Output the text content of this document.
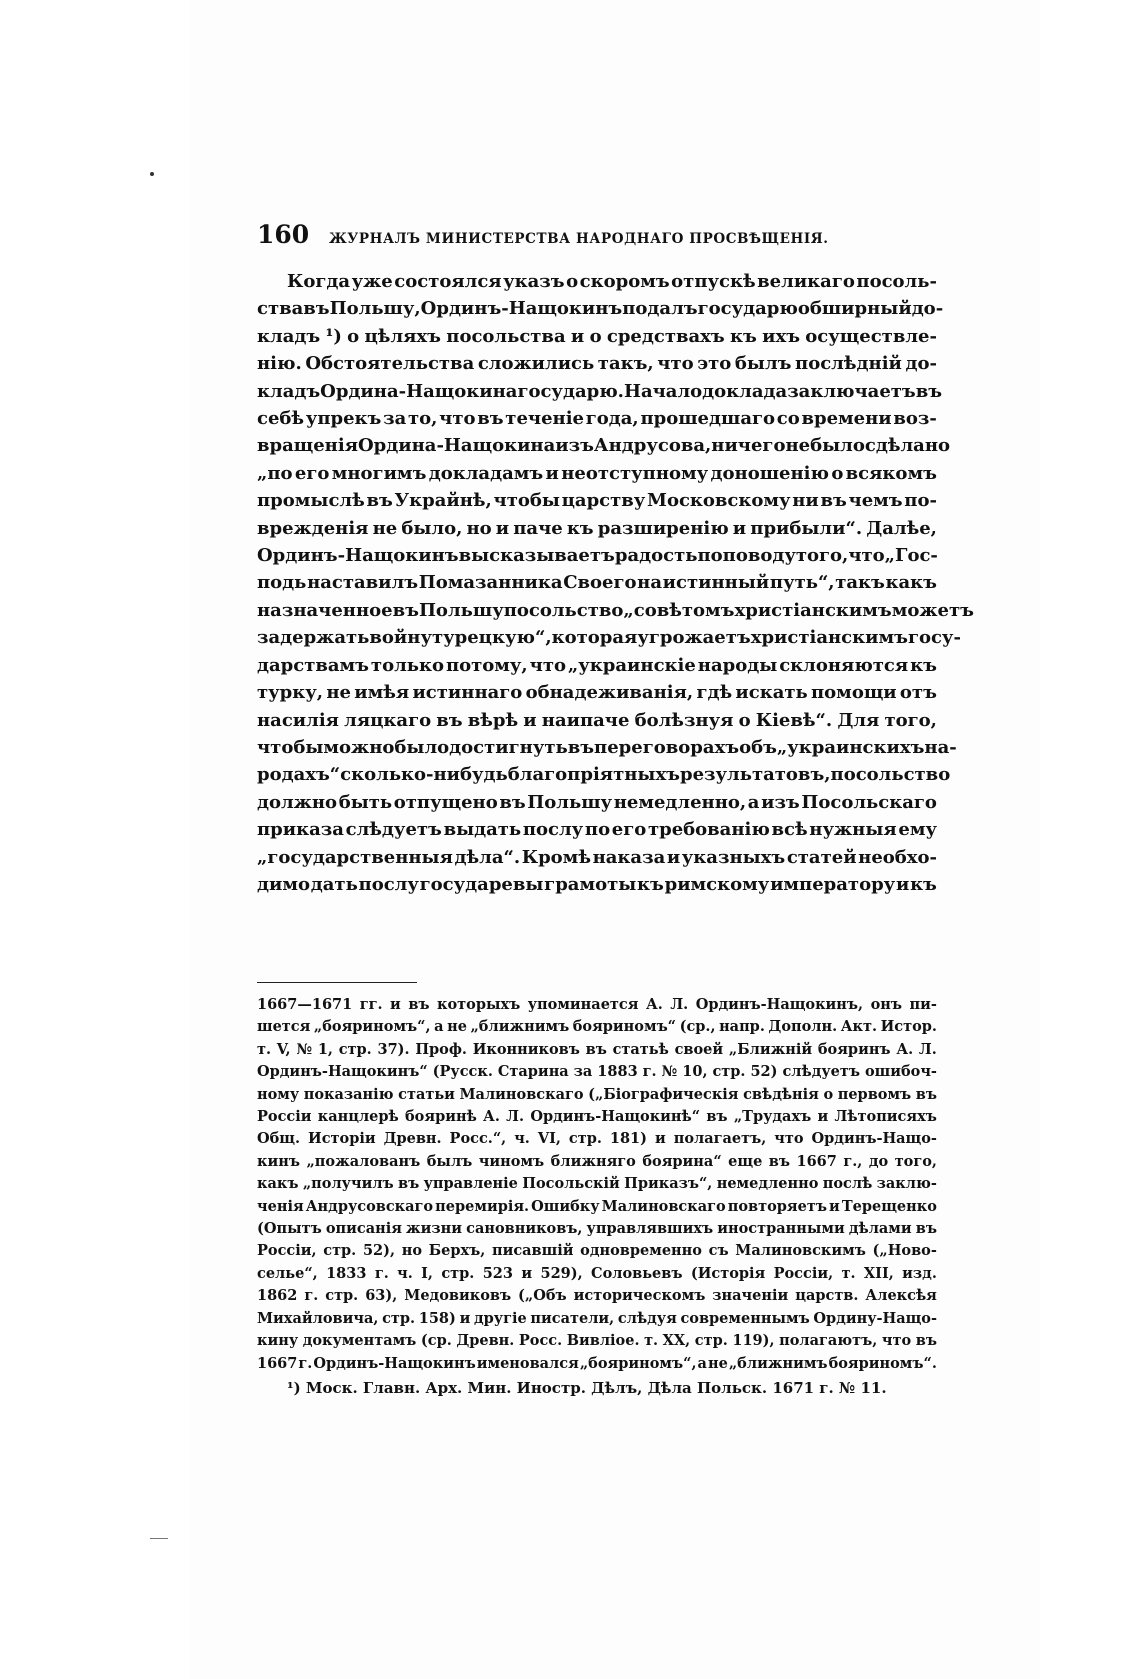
160	ЖУРНАЛЪ МИНИСТЕРСТВА НАРОДНАГО ПРОСВѢЩЕНІЯ.
Когда уже состоялся указъ о скоромъ отпускѣ великаго посоль-
ства въ Польшу, Ординъ-Нащокинъ подалъ государю обширный до-
кладъ ¹) о цѣляхъ посольства и о средствахъ къ ихъ осуществле-
нію. Обстоятельства сложились такъ, что это былъ послѣдній до-
кладъ Ордина-Нащокина государю. Начало доклада заключаетъ въ
себѣ упрекъ за то, что въ теченіе года, прошедшаго со времени воз-
вращенія Ордина-Нащокина изъ Андрусова, ничего не было сдѣлано
„по его многимъ докладамъ и неотступному доношенію о всякомъ
промыслѣ въ Украйнѣ, чтобы царству Московскому ни въ чемъ по-
врежденія не было, но и паче къ разширенію и прибыли“. Далѣе,
Ординъ-Нащокинъ высказываетъ радость по поводу того, что „Гос-
подь наставилъ Помазанника Своего на истинный путь“, такъ какъ
назначенное въ Польшу посольство „совѣтомъ христіанскимъ можетъ
задержать войну турецкую“, которая угрожаетъ христіанскимъ госу-
дарствамъ только потому, что „украинскіе народы склоняются къ
турку, не имѣя истиннаго обнадеживанія, гдѣ искать помощи отъ
насилія ляцкаго въ вѣрѣ и наипаче болѣзнуя о Кіевѣ“. Для того,
чтобы можно было достигнуть въ переговорахъ объ „украинскихъ на-
родахъ“ сколько-нибудь благопріятныхъ результатовъ, посольство
должно быть отпущено въ Польшу немедленно, а изъ Посольскаго
приказа слѣдуетъ выдать послу по его требованію всѣ нужныя ему
„государственныя дѣла“. Кромѣ наказа и указныхъ статей необхо-
димо дать послу государевы грамоты къ римскому императору и къ
1667—1671 гг. и въ которыхъ упоминается А. Л. Ординъ-Нащокинъ, онъ пи-
шется „бояриномъ“, а не „ближнимъ бояриномъ“ (ср., напр. Дополн. Акт. Истор.
т. V, № 1, стр. 37). Проф. Иконниковъ въ статьѣ своей „Ближній бояринъ А. Л.
Ординъ-Нащокинъ“ (Русск. Старина за 1883 г. № 10, стр. 52) слѣдуетъ ошибоч-
ному показанію статьи Малиновскаго („Біографическія свѣдѣнія о первомъ въ
Россіи канцлерѣ бояринѣ А. Л. Ординъ-Нащокинѣ“ въ „Трудахъ и Лѣтописяхъ
Общ. Исторіи Древн. Росс.“, ч. VI, стр. 181) и полагаетъ, что Ординъ-Нащо-
кинъ „пожалованъ былъ чиномъ ближняго боярина“ еще въ 1667 г., до того,
какъ „получилъ въ управленіе Посольскій Приказъ“, немедленно послѣ заклю-
ченія Андрусовскаго перемирія. Ошибку Малиновскаго повторяетъ и Терещенко
(Опытъ описанія жизни сановниковъ, управлявшихъ иностранными дѣлами въ
Россіи, стр. 52), но Берхъ, писавшій одновременно съ Малиновскимъ („Ново-
селье“, 1833 г. ч. I, стр. 523 и 529), Соловьевъ (Исторія Россіи, т. XII, изд.
1862 г. стр. 63), Медовиковъ („Объ историческомъ значеніи царств. Алексѣя
Михайловича, стр. 158) и другіе писатели, слѣдуя современнымъ Ордину-Нащо-
кину документамъ (ср. Древн. Росс. Вивліое. т. XX, стр. 119), полагаютъ, что въ
1667 г. Ординъ-Нащокинъ именовался „бояриномъ“, а не „ближнимъ бояриномъ“.
¹) Моск. Главн. Арх. Мин. Иностр. Дѣлъ, Дѣла Польск. 1671 г. № 11.
